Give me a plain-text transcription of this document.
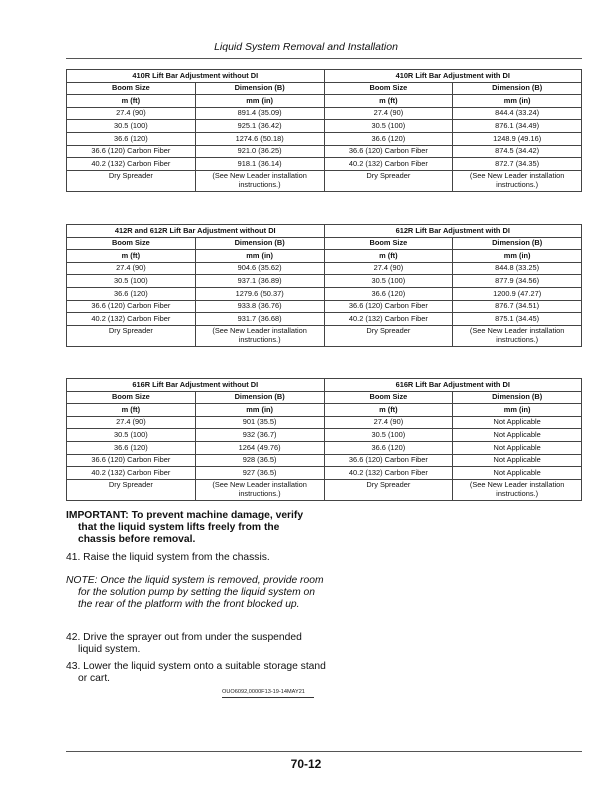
Liquid System Removal and Installation
410R Lift Bar Adjustment without DI		410R Lift Bar Adjustment with DI	
Boom Size	Dimension (B)	Boom Size	Dimension (B)
m (ft)	mm (in)	m (ft)	mm (in)
27.4 (90)	891.4 (35.09)	27.4 (90)	844.4 (33.24)
30.5 (100)	925.1 (36.42)	30.5 (100)	876.1 (34.49)
36.6 (120)	1274.6 (50.18)	36.6 (120)	1248.9 (49.16)
36.6 (120) Carbon Fiber	921.0 (36.25)	36.6 (120) Carbon Fiber	874.5 (34.42)
40.2 (132) Carbon Fiber	918.1 (36.14)	40.2 (132) Carbon Fiber	872.7 (34.35)
Dry Spreader	(See New Leader installation instructions.)	Dry Spreader	(See New Leader installation instructions.)
412R and 612R Lift Bar Adjustment without DI		612R Lift Bar Adjustment with DI	
Boom Size	Dimension (B)	Boom Size	Dimension (B)
m (ft)	mm (in)	m (ft)	mm (in)
27.4 (90)	904.6 (35.62)	27.4 (90)	844.8 (33.25)
30.5 (100)	937.1 (36.89)	30.5 (100)	877.9 (34.56)
36.6 (120)	1279.6 (50.37)	36.6 (120)	1200.9 (47.27)
36.6 (120) Carbon Fiber	933.8 (36.76)	36.6 (120) Carbon Fiber	876.7 (34.51)
40.2 (132) Carbon Fiber	931.7 (36.68)	40.2 (132) Carbon Fiber	875.1 (34.45)
Dry Spreader	(See New Leader installation instructions.)	Dry Spreader	(See New Leader installation instructions.)
616R Lift Bar Adjustment without DI		616R Lift Bar Adjustment with DI	
Boom Size	Dimension (B)	Boom Size	Dimension (B)
m (ft)	mm (in)	m (ft)	mm (in)
27.4 (90)	901 (35.5)	27.4 (90)	Not Applicable
30.5 (100)	932 (36.7)	30.5 (100)	Not Applicable
36.6 (120)	1264 (49.76)	36.6 (120)	Not Applicable
36.6 (120) Carbon Fiber	928 (36.5)	36.6 (120) Carbon Fiber	Not Applicable
40.2 (132) Carbon Fiber	927 (36.5)	40.2 (132) Carbon Fiber	Not Applicable
Dry Spreader	(See New Leader installation instructions.)	Dry Spreader	(See New Leader installation instructions.)
IMPORTANT: To prevent machine damage, verify
that the liquid system lifts freely from the
chassis before removal.
41. Raise the liquid system from the chassis.
NOTE: Once the liquid system is removed, provide room for the solution pump by setting the liquid system on the rear of the platform with the front blocked up.
42. Drive the sprayer out from under the suspended liquid system.
43. Lower the liquid system onto a suitable storage stand or cart.
OUO6092,0000F13-19-14MAY21
70-12
